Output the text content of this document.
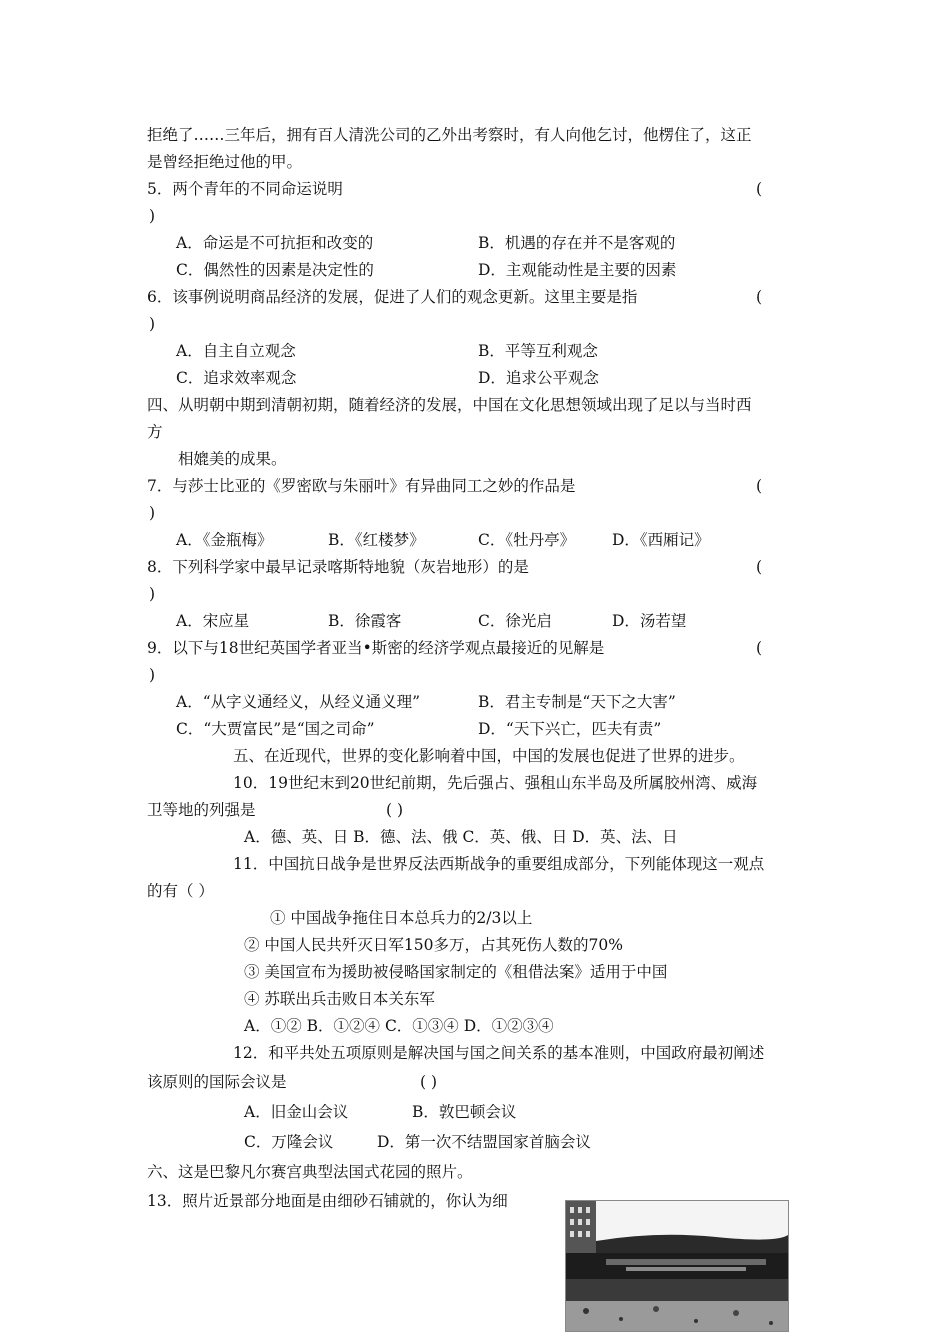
拒绝了……三年后，拥有百人清洗公司的乙外出考察时，有人向他乞讨，他楞住了，这正
是曾经拒绝过他的甲。
5．两个青年的不同命运说明	(
)
A．命运是不可抗拒和改变的	B．机遇的存在并不是客观的
C．偶然性的因素是决定性的	D．主观能动性是主要的因素
6．该事例说明商品经济的发展，促进了人们的观念更新。这里主要是指	(
)
A．自主自立观念	B．平等互利观念
C．追求效率观念	D．追求公平观念
四、从明朝中期到清朝初期，随着经济的发展，中国在文化思想领域出现了足以与当时西
方
相媲美的成果。
7．与莎士比亚的《罗密欧与朱丽叶》有异曲同工之妙的作品是	(
)
A．《金瓶梅》	B．《红楼梦》	C．《牡丹亭》 D．《西厢记》
8．下列科学家中最早记录喀斯特地貌（灰岩地形）的是	(
)
A．宋应星	B．徐霞客	C．徐光启	D．汤若望
9．以下与18世纪英国学者亚当•斯密的经济学观点最接近的见解是	(
)
A．“从字义通经义，从经义通义理”	B．君主专制是“天下之大害”
C．“大贾富民”是“国之司命”	D．“天下兴亡，匹夫有责”
五、在近现代，世界的变化影响着中国，中国的发展也促进了世界的进步。
10．19世纪末到20世纪前期，先后强占、强租山东半岛及所属胶州湾、威海
卫等地的列强是	( )
A．德、英、日 B．德、法、俄 C．英、俄、日 D．英、法、日
11．中国抗日战争是世界反法西斯战争的重要组成部分，下列能体现这一观点
的有（ ）
① 中国战争拖住日本总兵力的2/3以上
② 中国人民共歼灭日军150多万，占其死伤人数的70%
③ 美国宣布为援助被侵略国家制定的《租借法案》适用于中国
④ 苏联出兵击败日本关东军
A．①② B．①②④ C．①③④ D．①②③④
12．和平共处五项原则是解决国与国之间关系的基本准则，中国政府最初阐述
该原则的国际会议是	( )
A．旧金山会议	B．敦巴顿会议
C．万隆会议	D．第一次不结盟国家首脑会议
六、这是巴黎凡尔赛宫典型法国式花园的照片。
13．照片近景部分地面是由细砂石铺就的，你认为细
